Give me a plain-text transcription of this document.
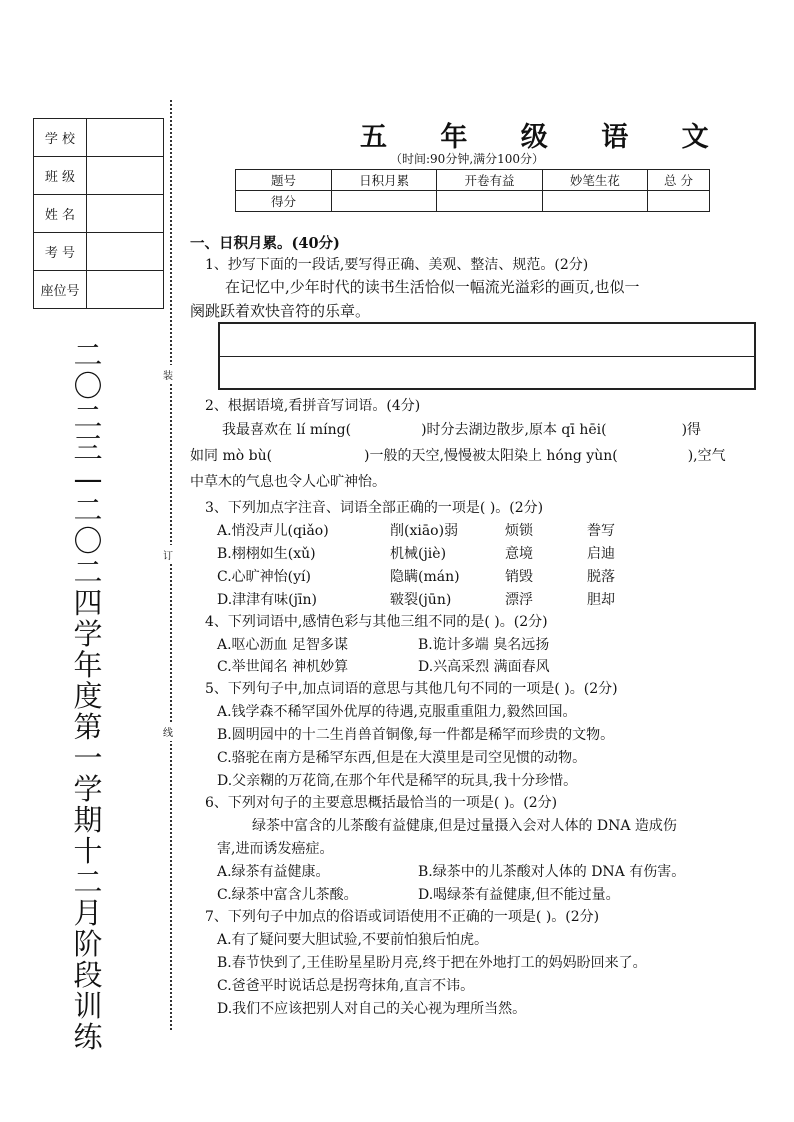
学 校	
班 级	
姓 名	
考 号	
座位号	
二
〇
二
三
—
二
〇
二
四
学
年
度
第
一
学
期
十
二
月
阶
段
训
练
装
订
线
五 年 级 语 文
（时间:90分钟,满分100分）
题号	日积月累	开卷有益	妙笔生花	总 分
得分				
一、日积月累。(40分)
1、抄写下面的一段话,要写得正确、美观、整洁、规范。(2分)
在记忆中,少年时代的读书生活恰似一幅流光溢彩的画页,也似一
阕跳跃着欢快音符的乐章。
2、根据语境,看拼音写词语。(4分)
我最喜欢在 lí míng(	)时分去湖边散步,原本 qī hēi(	)得
如同 mò bù(	)一般的天空,慢慢被太阳染上 hóng yùn(	),空气
中草木的气息也令人心旷神怡。
3、下列加点字注音、词语全部正确的一项是( )。(2分)
A.悄没声儿(qiǎo)	削(xiāo)弱	烦锁	誊写
B.栩栩如生(xǔ)	机械(jiè)	意境	启迪
C.心旷神怡(yí)	隐瞒(mán)	销毁	脱落
D.津津有味(jīn)	皲裂(jūn)	漂浮	胆却
4、下列词语中,感情色彩与其他三组不同的是( )。(2分)
A.呕心沥血 足智多谋	B.诡计多端 臭名远扬
C.举世闻名 神机妙算	D.兴高采烈 满面春风
5、下列句子中,加点词语的意思与其他几句不同的一项是( )。(2分)
A.钱学森不稀罕国外优厚的待遇,克服重重阻力,毅然回国。
B.圆明园中的十二生肖兽首铜像,每一件都是稀罕而珍贵的文物。
C.骆驼在南方是稀罕东西,但是在大漠里是司空见惯的动物。
D.父亲糊的万花筒,在那个年代是稀罕的玩具,我十分珍惜。
6、下列对句子的主要意思概括最恰当的一项是( )。(2分)
绿茶中富含的儿茶酸有益健康,但是过量摄入会对人体的 DNA 造成伤
害,进而诱发癌症。
A.绿茶有益健康。	B.绿茶中的儿茶酸对人体的 DNA 有伤害。
C.绿茶中富含儿茶酸。	D.喝绿茶有益健康,但不能过量。
7、下列句子中加点的俗语或词语使用不正确的一项是( )。(2分)
A.有了疑问要大胆试验,不要前怕狼后怕虎。
B.春节快到了,王佳盼星星盼月亮,终于把在外地打工的妈妈盼回来了。
C.爸爸平时说话总是拐弯抹角,直言不讳。
D.我们不应该把别人对自己的关心视为理所当然。
